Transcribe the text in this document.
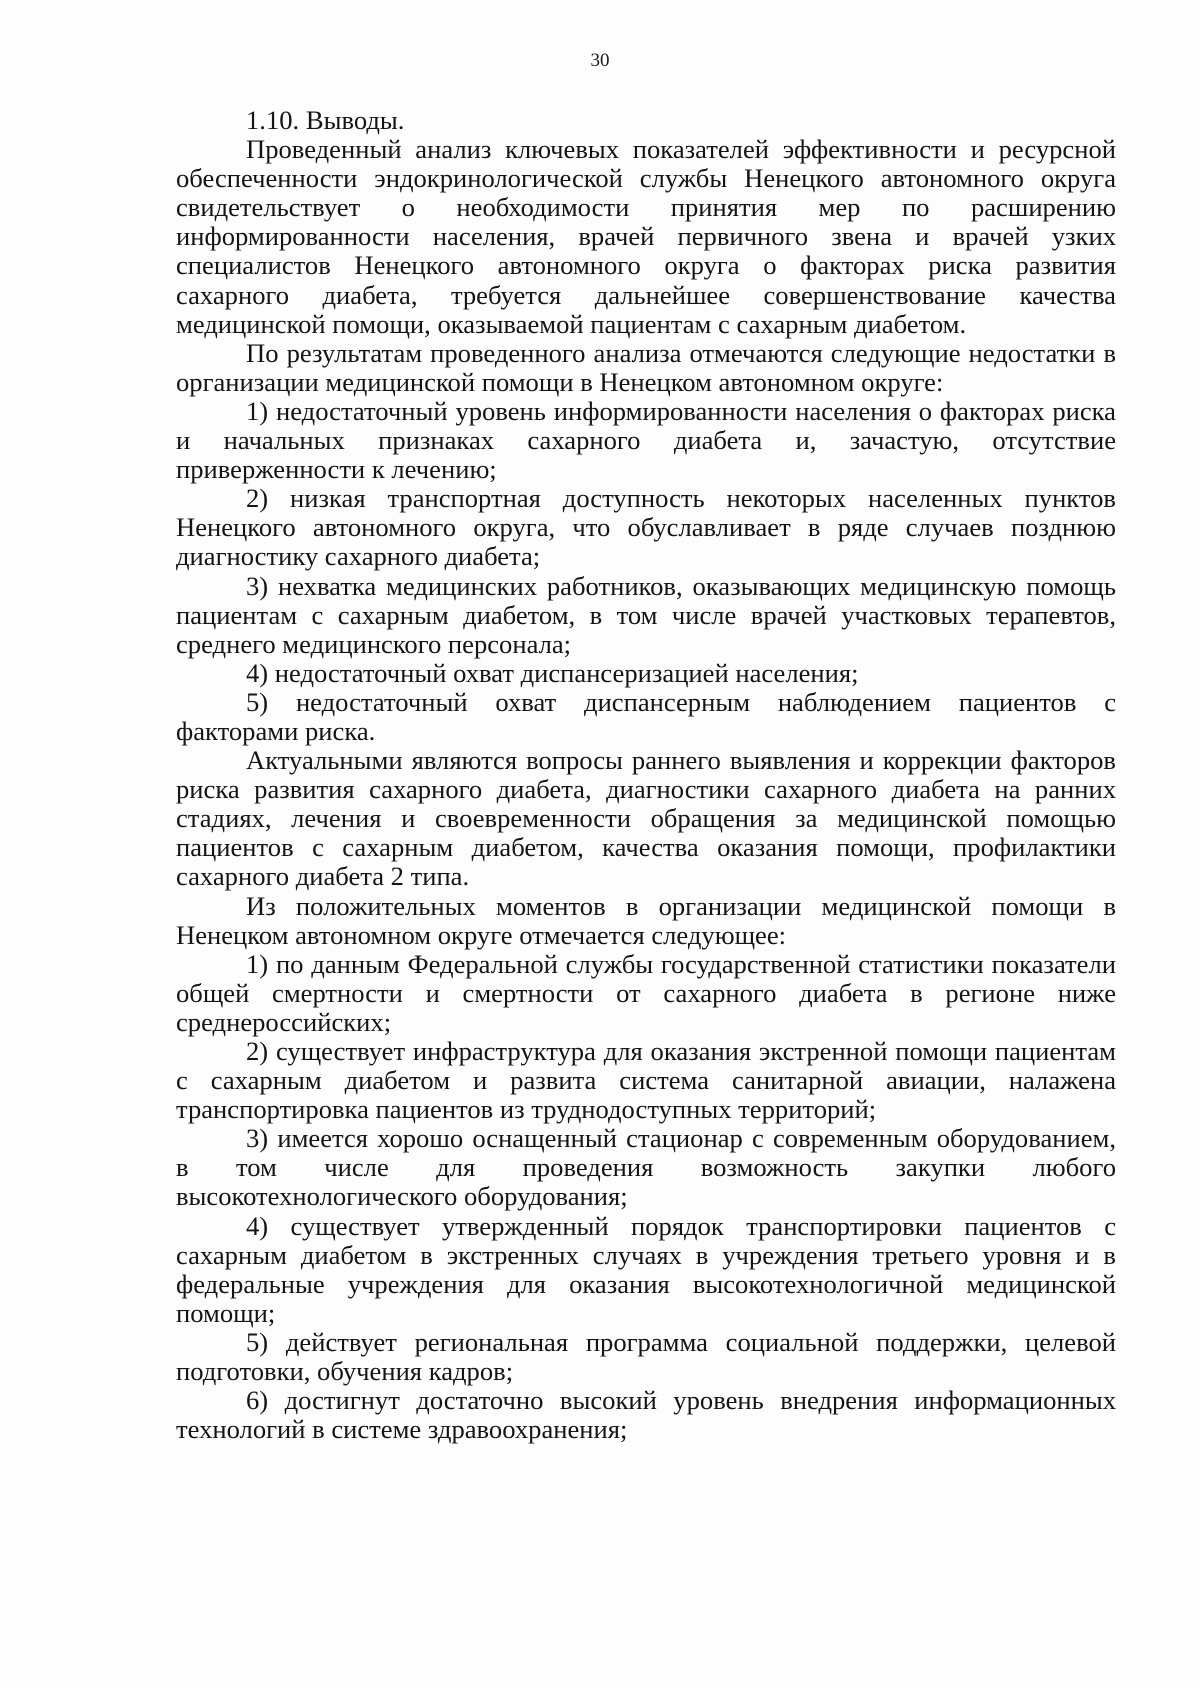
30

1.10. Выводы.

Проведенный анализ ключевых показателей эффективности и ресурсной обеспеченности эндокринологической службы Ненецкого автономного округа свидетельствует о необходимости принятия мер по расширению информированности населения, врачей первичного звена и врачей узких специалистов Ненецкого автономного округа о факторах риска развития сахарного диабета, требуется дальнейшее совершенствование качества медицинской помощи, оказываемой пациентам с сахарным диабетом.

По результатам проведенного анализа отмечаются следующие недостатки в организации медицинской помощи в Ненецком автономном округе:

1) недостаточный уровень информированности населения о факторах риска и начальных признаках сахарного диабета и, зачастую, отсутствие приверженности к лечению;

2) низкая транспортная доступность некоторых населенных пунктов Ненецкого автономного округа, что обуславливает в ряде случаев позднюю диагностику сахарного диабета;

3) нехватка медицинских работников, оказывающих медицинскую помощь пациентам с сахарным диабетом, в том числе врачей участковых терапевтов, среднего медицинского персонала;

4) недостаточный охват диспансеризацией населения;

5) недостаточный охват диспансерным наблюдением пациентов с факторами риска.

Актуальными являются вопросы раннего выявления и коррекции факторов риска развития сахарного диабета, диагностики сахарного диабета на ранних стадиях, лечения и своевременности обращения за медицинской помощью пациентов с сахарным диабетом, качества оказания помощи, профилактики сахарного диабета 2 типа.

Из положительных моментов в организации медицинской помощи в Ненецком автономном округе отмечается следующее:

1) по данным Федеральной службы государственной статистики показатели общей смертности и смертности от сахарного диабета в регионе ниже среднероссийских;

2) существует инфраструктура для оказания экстренной помощи пациентам с сахарным диабетом и развита система санитарной авиации, налажена транспортировка пациентов из труднодоступных территорий;

3) имеется хорошо оснащенный стационар с современным оборудованием, в том числе для проведения возможность закупки любого высокотехнологического оборудования;

4) существует утвержденный порядок транспортировки пациентов с сахарным диабетом в экстренных случаях в учреждения третьего уровня и в федеральные учреждения для оказания высокотехнологичной медицинской помощи;

5) действует региональная программа социальной поддержки, целевой подготовки, обучения кадров;

6) достигнут достаточно высокий уровень внедрения информационных технологий в системе здравоохранения;
